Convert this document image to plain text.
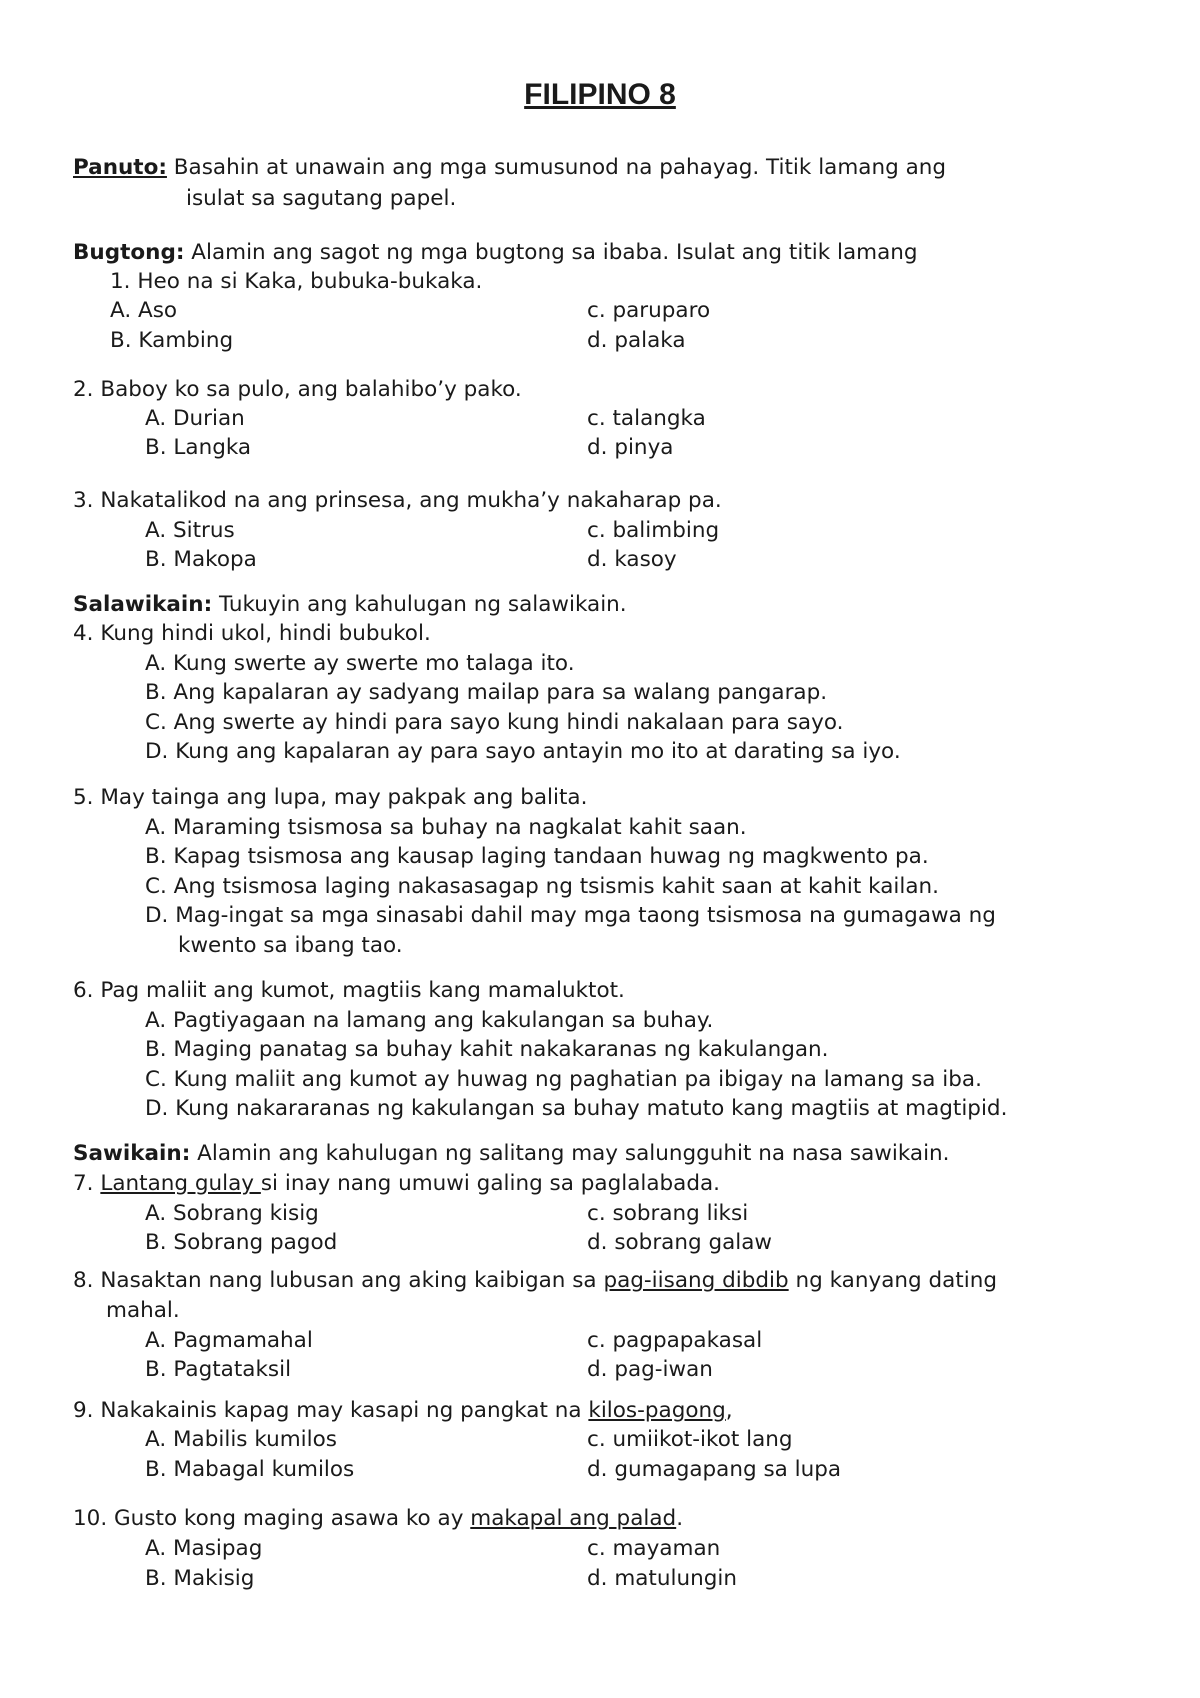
FILIPINO 8
Panuto: Basahin at unawain ang mga sumusunod na pahayag. Titik lamang ang
isulat sa sagutang papel.
Bugtong: Alamin ang sagot ng mga bugtong sa ibaba. Isulat ang titik lamang
1. Heo na si Kaka, bubuka-bukaka.
A. Aso	c. paruparo
B. Kambing	d. palaka
2. Baboy ko sa pulo, ang balahibo’y pako.
A. Durian	c. talangka
B. Langka	d. pinya
3. Nakatalikod na ang prinsesa, ang mukha’y nakaharap pa.
A. Sitrus	c. balimbing
B. Makopa	d. kasoy
Salawikain: Tukuyin ang kahulugan ng salawikain.
4. Kung hindi ukol, hindi bubukol.
A. Kung swerte ay swerte mo talaga ito.
B. Ang kapalaran ay sadyang mailap para sa walang pangarap.
C. Ang swerte ay hindi para sayo kung hindi nakalaan para sayo.
D. Kung ang kapalaran ay para sayo antayin mo ito at darating sa iyo.
5. May tainga ang lupa, may pakpak ang balita.
A. Maraming tsismosa sa buhay na nagkalat kahit saan.
B. Kapag tsismosa ang kausap laging tandaan huwag ng magkwento pa.
C. Ang tsismosa laging nakasasagap ng tsismis kahit saan at kahit kailan.
D. Mag-ingat sa mga sinasabi dahil may mga taong tsismosa na gumagawa ng
kwento sa ibang tao.
6. Pag maliit ang kumot, magtiis kang mamaluktot.
A. Pagtiyagaan na lamang ang kakulangan sa buhay.
B. Maging panatag sa buhay kahit nakakaranas ng kakulangan.
C. Kung maliit ang kumot ay huwag ng paghatian pa ibigay na lamang sa iba.
D. Kung nakararanas ng kakulangan sa buhay matuto kang magtiis at magtipid.
Sawikain: Alamin ang kahulugan ng salitang may salungguhit na nasa sawikain.
7. Lantang gulay si inay nang umuwi galing sa paglalabada.
A. Sobrang kisig	c. sobrang liksi
B. Sobrang pagod	d. sobrang galaw
8. Nasaktan nang lubusan ang aking kaibigan sa pag-iisang dibdib ng kanyang dating
mahal.
A. Pagmamahal	c. pagpapakasal
B. Pagtataksil	d. pag-iwan
9. Nakakainis kapag may kasapi ng pangkat na kilos-pagong,
A. Mabilis kumilos	c. umiikot-ikot lang
B. Mabagal kumilos	d. gumagapang sa lupa
10. Gusto kong maging asawa ko ay makapal ang palad.
A. Masipag	c. mayaman
B. Makisig	d. matulungin
